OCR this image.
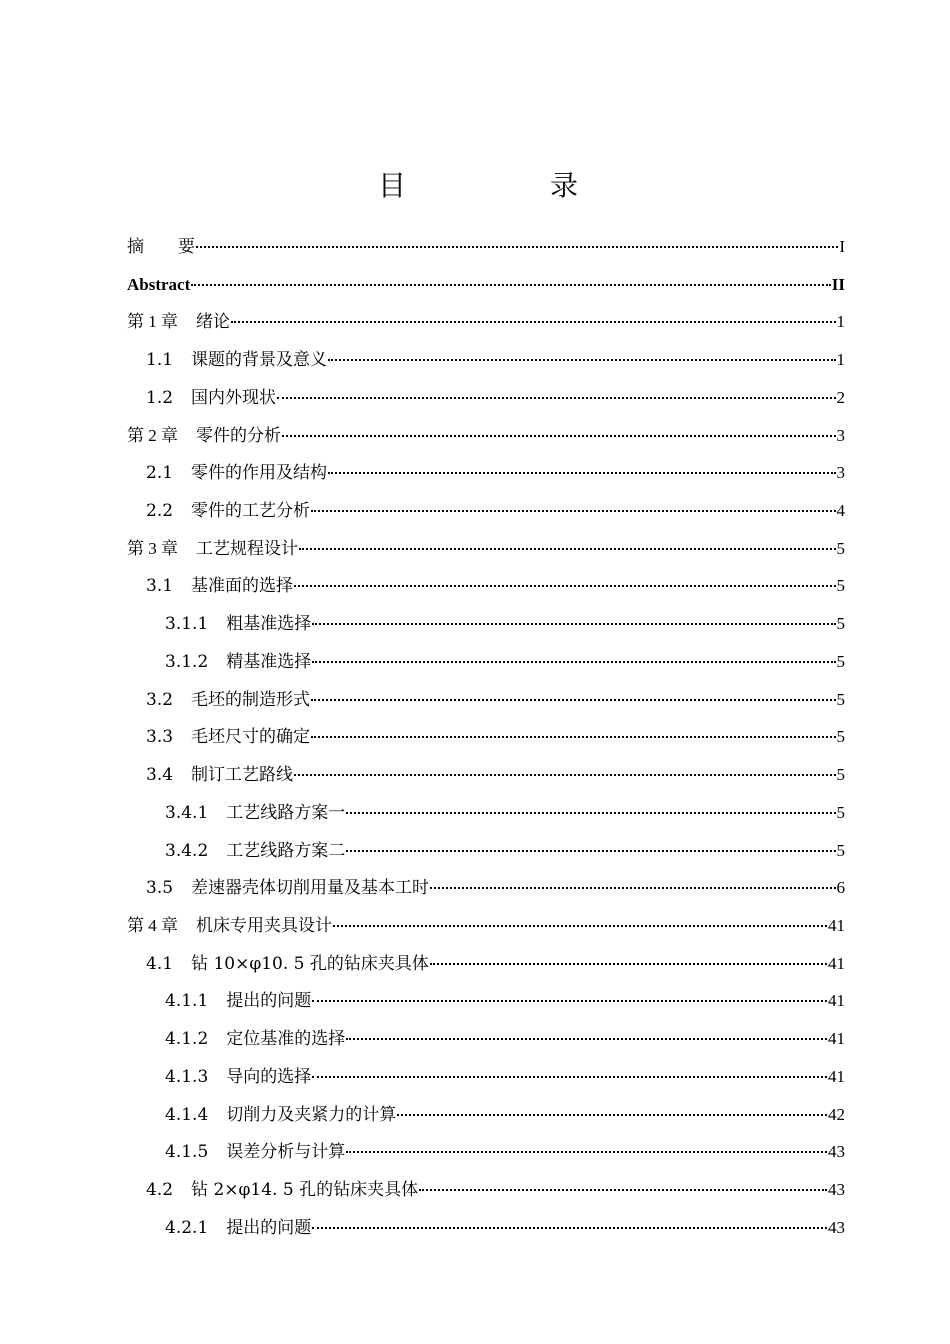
目　录
摘　　要	I
Abstract	II
第 1 章 绪论	1
1.1 课题的背景及意义	1
1.2 国内外现状	2
第 2 章 零件的分析	3
2.1 零件的作用及结构	3
2.2 零件的工艺分析	4
第 3 章 工艺规程设计	5
3.1 基准面的选择	5
3.1.1 粗基准选择	5
3.1.2 精基准选择	5
3.2 毛坯的制造形式	5
3.3 毛坯尺寸的确定	5
3.4 制订工艺路线	5
3.4.1 工艺线路方案一	5
3.4.2 工艺线路方案二	5
3.5 差速器壳体切削用量及基本工时	6
第 4 章 机床专用夹具设计	41
4.1 钻 10×φ10. 5 孔的钻床夹具体	41
4.1.1 提出的问题	41
4.1.2 定位基准的选择	41
4.1.3 导向的选择	41
4.1.4 切削力及夹紧力的计算	42
4.1.5 误差分析与计算	43
4.2 钻 2×φ14. 5 孔的钻床夹具体	43
4.2.1 提出的问题	43
